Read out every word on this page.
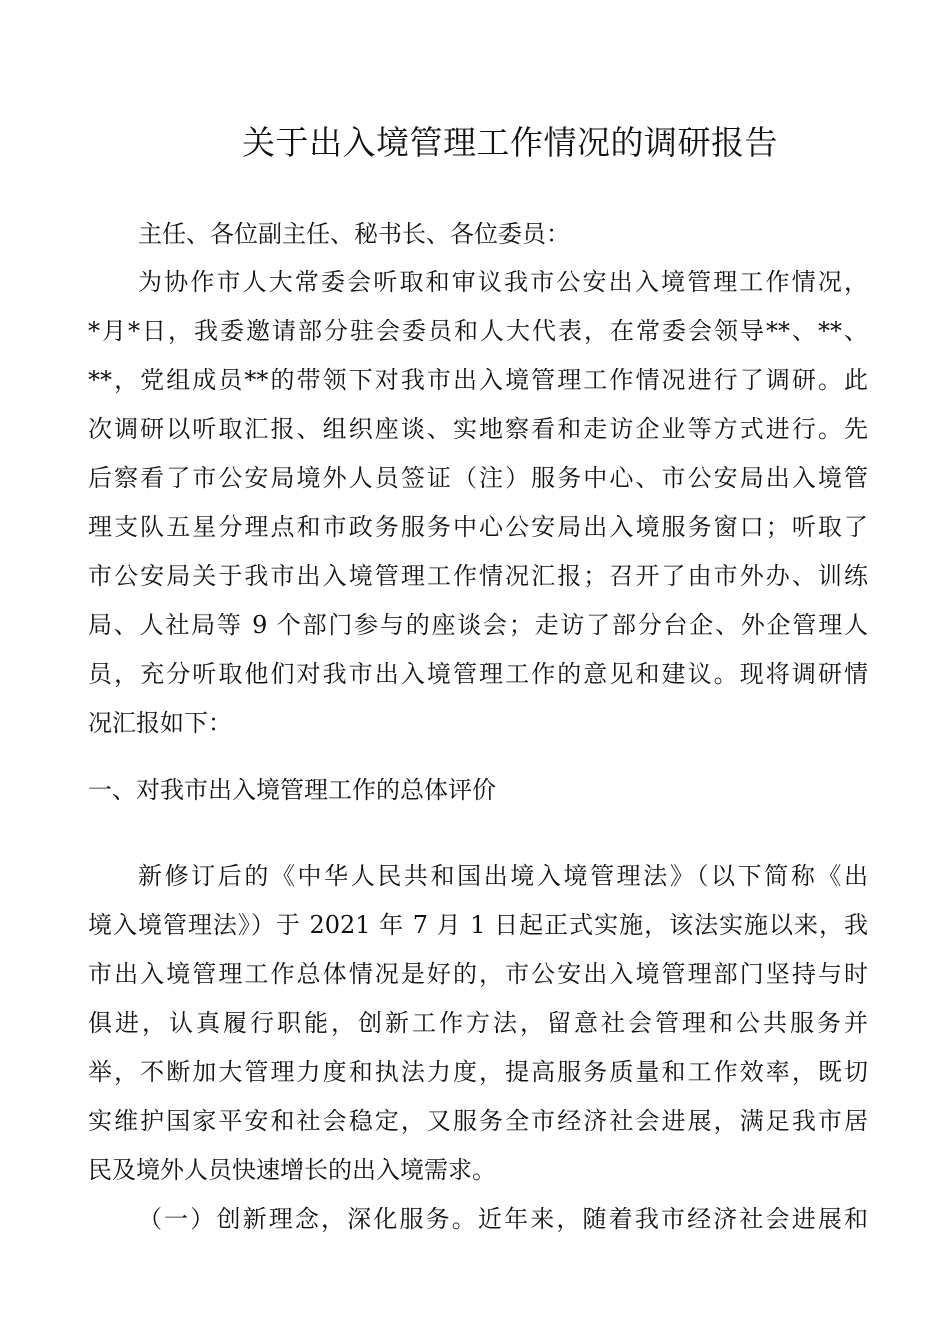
关于出入境管理工作情况的调研报告
主任、各位副主任、秘书长、各位委员：
为协作市人大常委会听取和审议我市公安出入境管理工作情况，
*月*日，我委邀请部分驻会委员和人大代表，在常委会领导**、**、
**，党组成员**的带领下对我市出入境管理工作情况进行了调研。此
次调研以听取汇报、组织座谈、实地察看和走访企业等方式进行。先
后察看了市公安局境外人员签证（注）服务中心、市公安局出入境管
理支队五星分理点和市政务服务中心公安局出入境服务窗口；听取了
市公安局关于我市出入境管理工作情况汇报；召开了由市外办、训练
局、人社局等 9 个部门参与的座谈会；走访了部分台企、外企管理人
员，充分听取他们对我市出入境管理工作的意见和建议。现将调研情
况汇报如下：
一、对我市出入境管理工作的总体评价
新修订后的《中华人民共和国出境入境管理法》（以下简称《出
境入境管理法》）于 2021 年 7 月 1 日起正式实施，该法实施以来，我
市出入境管理工作总体情况是好的，市公安出入境管理部门坚持与时
俱进，认真履行职能，创新工作方法，留意社会管理和公共服务并
举，不断加大管理力度和执法力度，提高服务质量和工作效率，既切
实维护国家平安和社会稳定，又服务全市经济社会进展，满足我市居
民及境外人员快速增长的出入境需求。
（一）创新理念，深化服务。近年来，随着我市经济社会进展和
